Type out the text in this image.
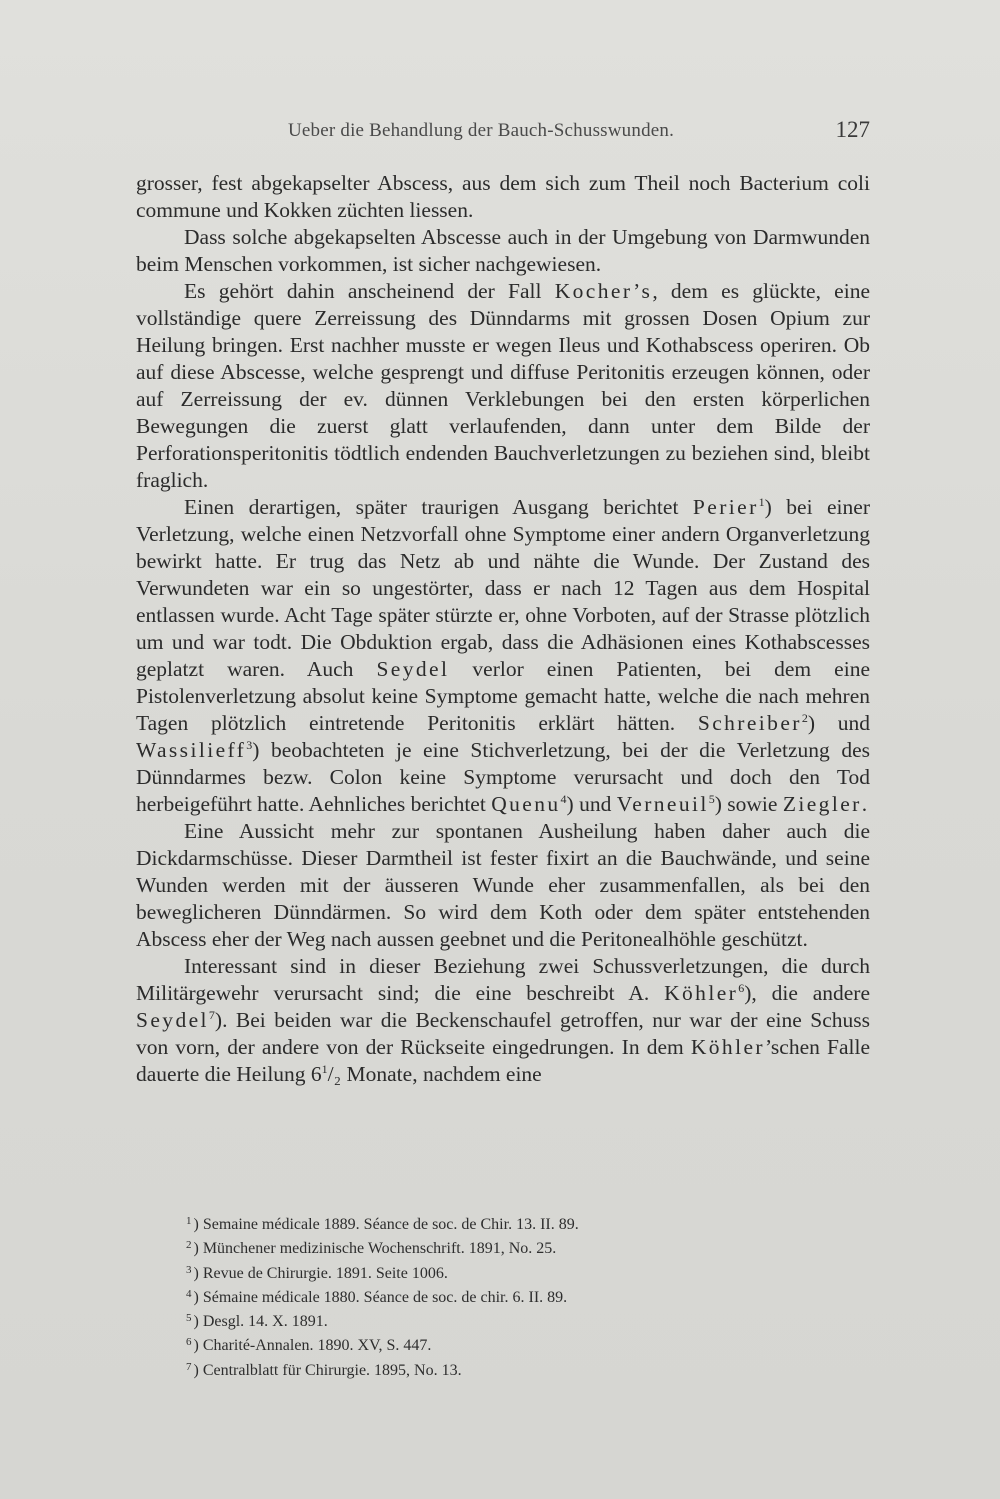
Ueber die Behandlung der Bauch-Schusswunden.	127

grosser, fest abgekapselter Abscess, aus dem sich zum Theil noch Bacterium coli commune und Kokken züchten liessen.

Dass solche abgekapselten Abscesse auch in der Umgebung von Darmwunden beim Menschen vorkommen, ist sicher nachgewiesen.

Es gehört dahin anscheinend der Fall Kocher’s, dem es glückte, eine vollständige quere Zerreissung des Dünndarms mit grossen Dosen Opium zur Heilung bringen. Erst nachher musste er wegen Ileus und Kothabscess operiren. Ob auf diese Abscesse, welche gesprengt und diffuse Peritonitis erzeugen können, oder auf Zerreissung der ev. dünnen Verklebungen bei den ersten körperlichen Bewegungen die zuerst glatt verlaufenden, dann unter dem Bilde der Perforationsperitonitis tödtlich endenden Bauchverletzungen zu beziehen sind, bleibt fraglich.

Einen derartigen, später traurigen Ausgang berichtet Perier$^1$) bei einer Verletzung, welche einen Netzvorfall ohne Symptome einer andern Organverletzung bewirkt hatte. Er trug das Netz ab und nähte die Wunde. Der Zustand des Verwundeten war ein so ungestörter, dass er nach 12 Tagen aus dem Hospital entlassen wurde. Acht Tage später stürzte er, ohne Vorboten, auf der Strasse plötzlich um und war todt. Die Obduktion ergab, dass die Adhäsionen eines Kothabscesses geplatzt waren. Auch Seydel verlor einen Patienten, bei dem eine Pistolenverletzung absolut keine Symptome gemacht hatte, welche die nach mehren Tagen plötzlich eintretende Peritonitis erklärt hätten. Schreiber$^2$) und Wassilieff$^3$) beobachteten je eine Stichverletzung, bei der die Verletzung des Dünndarmes bezw. Colon keine Symptome verursacht und doch den Tod herbeigeführt hatte. Aehnliches berichtet Quenu$^4$) und Verneuil$^5$) sowie Ziegler.

Eine Aussicht mehr zur spontanen Ausheilung haben daher auch die Dickdarmschüsse. Dieser Darmtheil ist fester fixirt an die Bauchwände, und seine Wunden werden mit der äusseren Wunde eher zusammenfallen, als bei den beweglicheren Dünndärmen. So wird dem Koth oder dem später entstehenden Abscess eher der Weg nach aussen geebnet und die Peritonealhöhle geschützt.

Interessant sind in dieser Beziehung zwei Schussverletzungen, die durch Militärgewehr verursacht sind; die eine beschreibt A. Köhler$^6$), die andere Seydel$^7$). Bei beiden war die Beckenschaufel getroffen, nur war der eine Schuss von vorn, der andere von der Rückseite eingedrungen. In dem Köhler’schen Falle dauerte die Heilung $6^1/_2$ Monate, nachdem eine

$^1$ ) Semaine médicale 1889. Séance de soc. de Chir. 13. II. 89.
$^2$ ) Münchener medizinische Wochenschrift. 1891, No. 25.
$^3$ ) Revue de Chirurgie. 1891. Seite 1006.
$^4$ ) Sémaine médicale 1880. Séance de soc. de chir. 6. II. 89.
$^5$ ) Desgl. 14. X. 1891.
$^6$ ) Charité-Annalen. 1890. XV, S. 447.
$^7$ ) Centralblatt für Chirurgie. 1895, No. 13.
